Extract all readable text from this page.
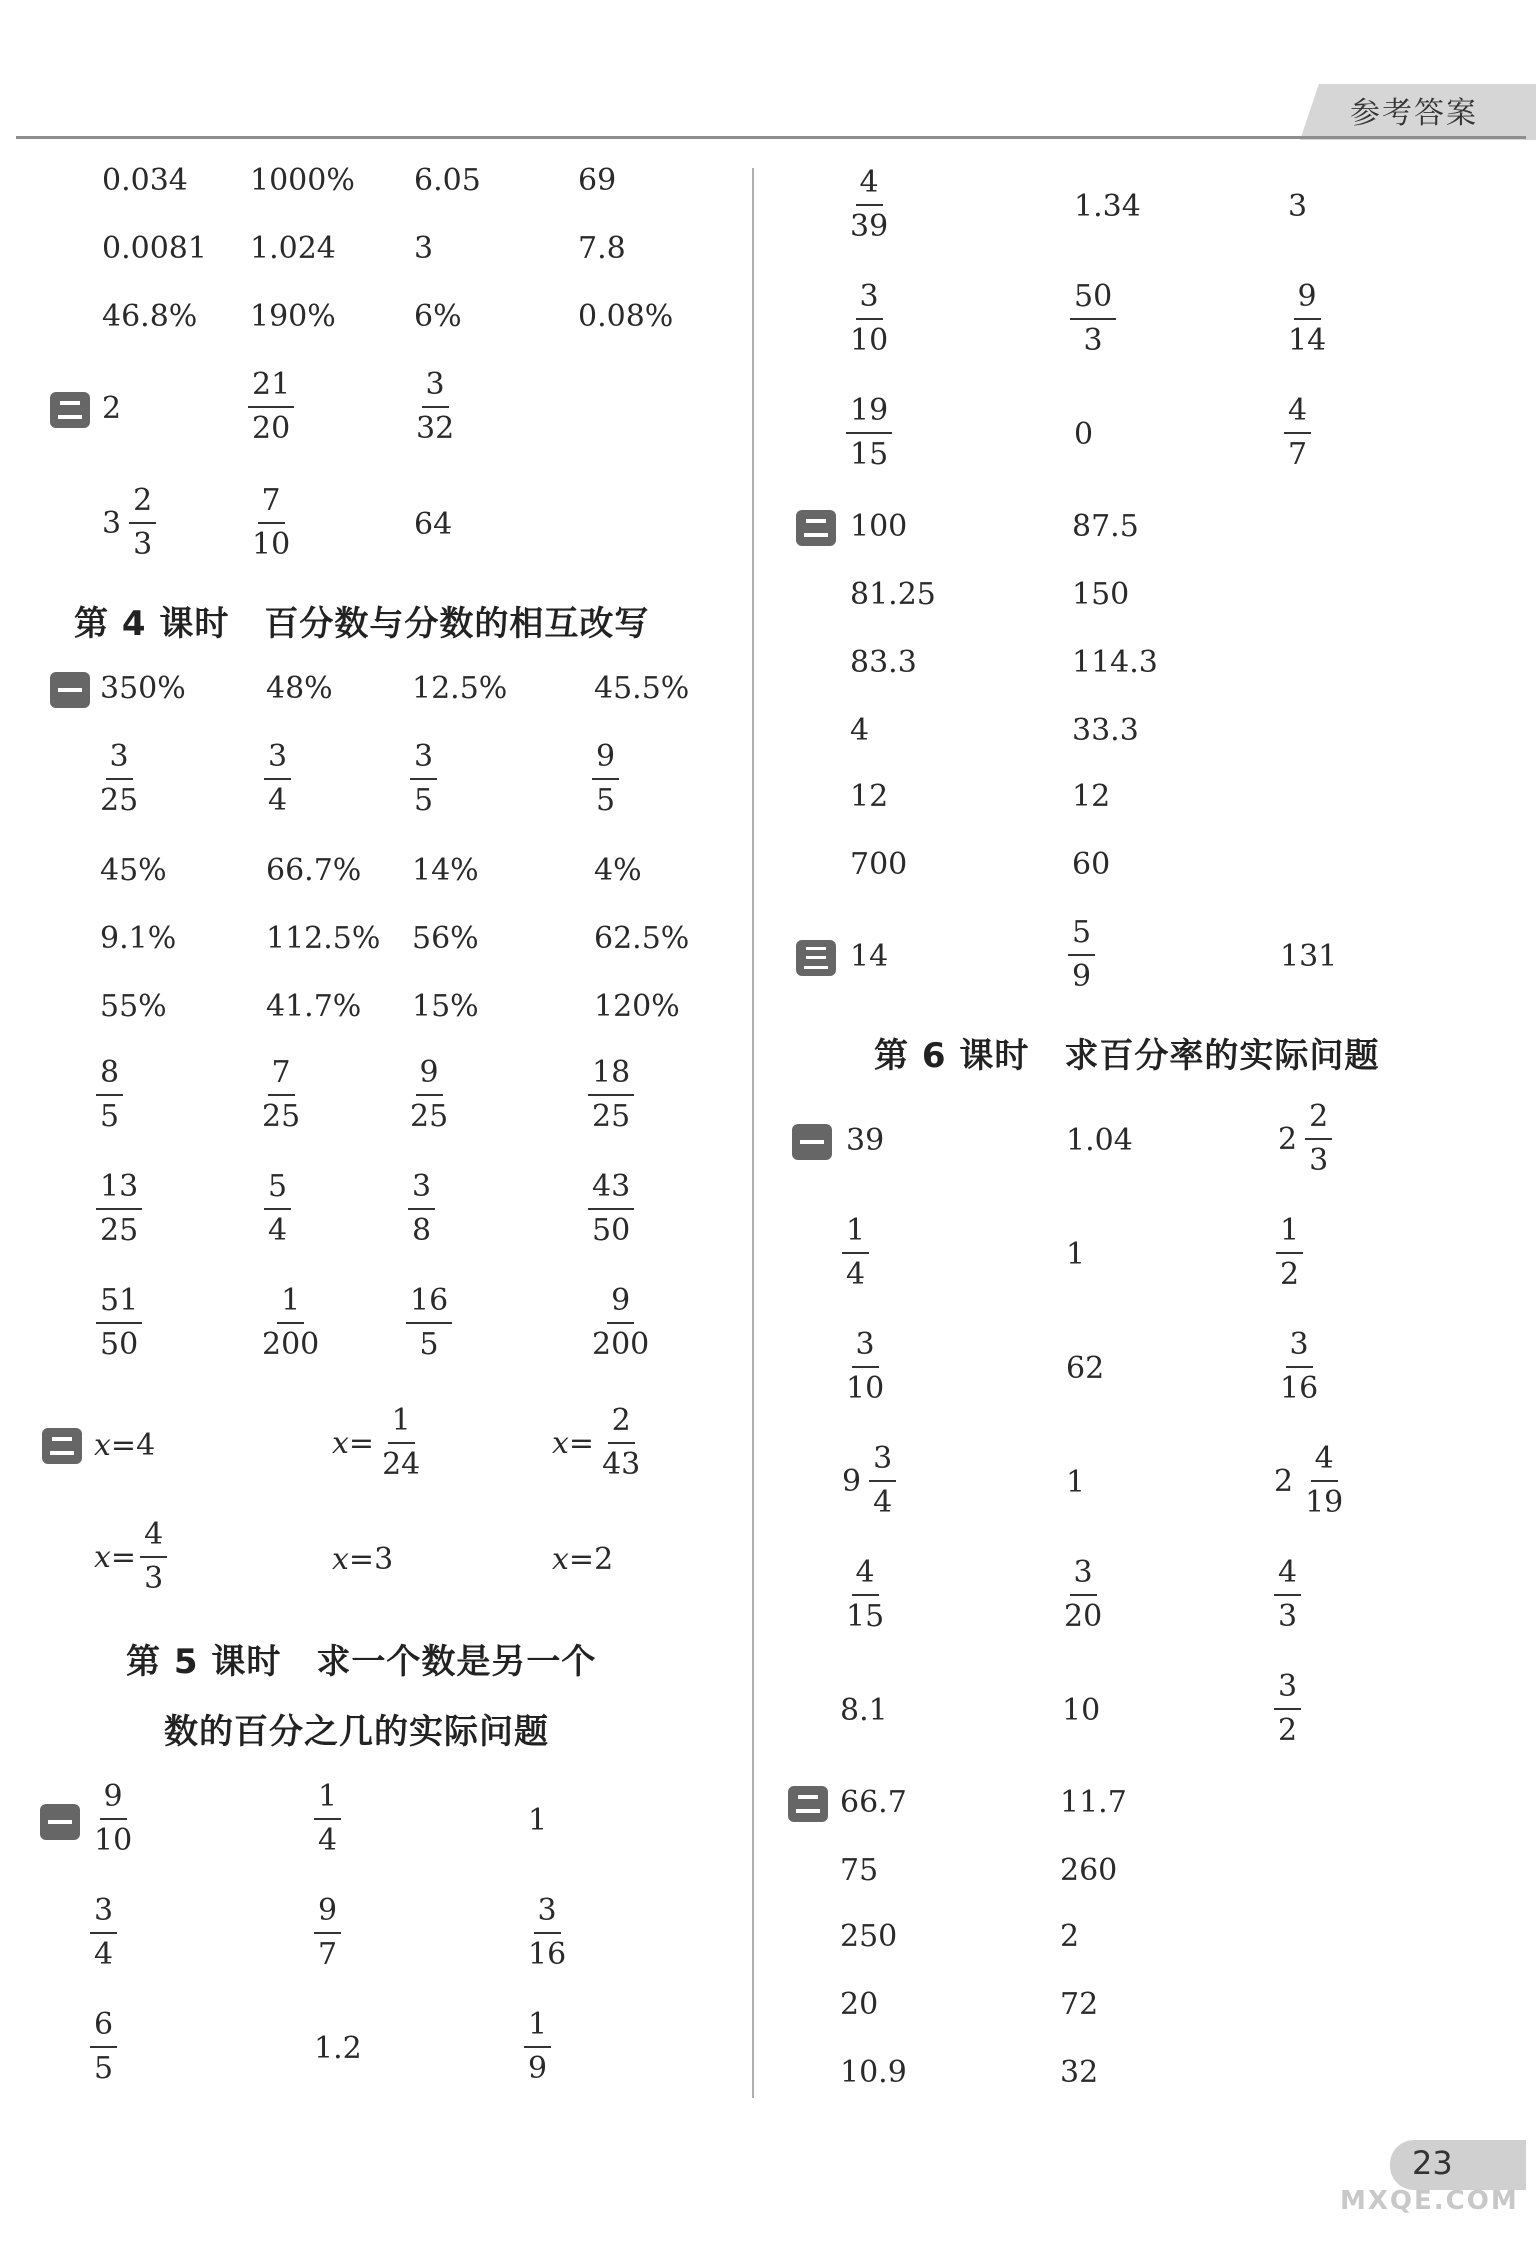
参考答案
0.034 1000% 6.05	69
0.0081 1.024	3	7.8
46.8% 190%	6%	0.08%
2	$\frac{21}{20}$	$\frac{3}{32}$
$3 \frac{2}{3}$	$\frac{7}{10}$	64
第 4 课时　百分数与分数的相互改写
350%	48%	12.5%	45.5%
$\frac{3}{25}$	$\frac{3}{4}$	$\frac{3}{5}$	$\frac{9}{5}$
45%	66.7% 14%	4%
9.1%	112.5% 56%	62.5%
55%	41.7% 15%	120%
$\frac{8}{5}$	$\frac{7}{25}$	$\frac{9}{25}$	$\frac{18}{25}$
$\frac{13}{25}$	$\frac{5}{4}$	$\frac{3}{8}$	$\frac{43}{50}$
$\frac{51}{50}$	$\frac{1}{200}$	$\frac{16}{5}$	$\frac{9}{200}$
x = 4	$x = \frac{1}{24}$	$x = \frac{2}{43}$
$x = \frac{4}{3}$	x = 3	x = 2
第 5 课时　求一个数是另一个
数的百分之几的实际问题
$\frac{9}{10}$	$\frac{1}{4}$	1
$\frac{3}{4}$	$\frac{9}{7}$	$\frac{3}{16}$
$\frac{6}{5}$	1.2	$\frac{1}{9}$
$\frac{4}{39}$	1.34	3
$\frac{3}{10}$	$\frac{50}{3}$	$\frac{9}{14}$
$\frac{19}{15}$	0	$\frac{4}{7}$
100	87.5
81.25	150
83.3	114.3
4	33.3
12	12
700	60
14	$\frac{5}{9}$	131
第 6 课时　求百分率的实际问题
39	1.04	$2 \frac{2}{3}$
$\frac{1}{4}$	1	$\frac{1}{2}$
$\frac{3}{10}$	62	$\frac{3}{16}$
$9 \frac{3}{4}$	1	$2 \frac{4}{19}$
$\frac{4}{15}$	$\frac{3}{20}$	$\frac{4}{3}$
8.1	10	$\frac{3}{2}$
66.7	11.7
75	260
250	2
20	72
10.9	32
23
MXQE.COM
